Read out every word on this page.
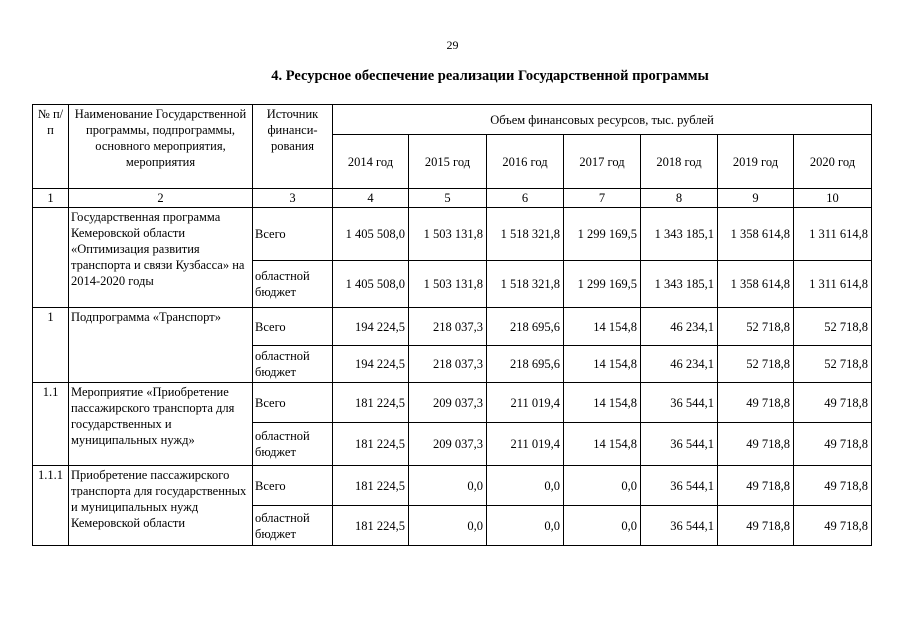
29
4. Ресурсное обеспечение реализации Государственной программы
№ п/п	Наименование Государственной программы, подпрограммы, основного мероприятия, мероприятия	Источник финанси-рования	Объем финансовых ресурсов, тыс. рублей						
			2014 год	2015 год	2016 год	2017 год	2018 год	2019 год	2020 год
1	2	3	4	5	6	7	8	9	10
	Государственная программа Кемеровской области «Оптимизация развития транспорта и связи Кузбасса» на 2014-2020 годы	Всего	1 405 508,0	1 503 131,8	1 518 321,8	1 299 169,5	1 343 185,1	1 358 614,8	1 311 614,8
		областной бюджет	1 405 508,0	1 503 131,8	1 518 321,8	1 299 169,5	1 343 185,1	1 358 614,8	1 311 614,8
1	Подпрограмма «Транспорт»	Всего	194 224,5	218 037,3	218 695,6	14 154,8	46 234,1	52 718,8	52 718,8
		областной бюджет	194 224,5	218 037,3	218 695,6	14 154,8	46 234,1	52 718,8	52 718,8
1.1	Мероприятие «Приобретение пассажирского транспорта для государственных и муниципальных нужд»	Всего	181 224,5	209 037,3	211 019,4	14 154,8	36 544,1	49 718,8	49 718,8
		областной бюджет	181 224,5	209 037,3	211 019,4	14 154,8	36 544,1	49 718,8	49 718,8
1.1.1	Приобретение пассажирского транспорта для государственных и муниципальных нужд Кемеровской области	Всего	181 224,5	0,0	0,0	0,0	36 544,1	49 718,8	49 718,8
		областной бюджет	181 224,5	0,0	0,0	0,0	36 544,1	49 718,8	49 718,8
